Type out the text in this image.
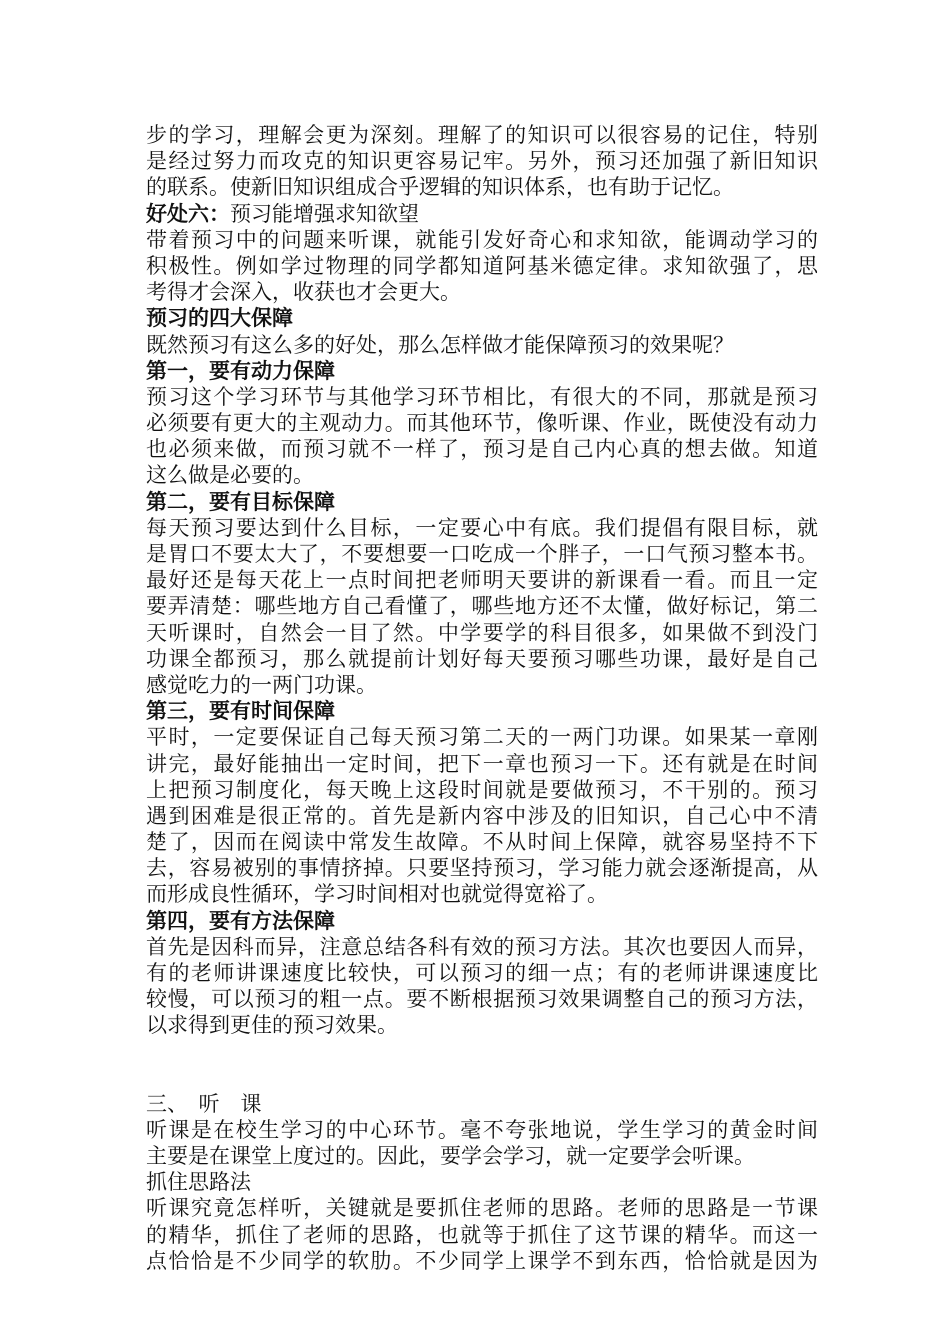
步的学习，理解会更为深刻。理解了的知识可以很容易的记住，特别
是经过努力而攻克的知识更容易记牢。另外，预习还加强了新旧知识
的联系。使新旧知识组成合乎逻辑的知识体系，也有助于记忆。
好处六：预习能增强求知欲望
带着预习中的问题来听课，就能引发好奇心和求知欲，能调动学习的
积极性。例如学过物理的同学都知道阿基米德定律。求知欲强了，思
考得才会深入，收获也才会更大。
预习的四大保障
既然预习有这么多的好处，那么怎样做才能保障预习的效果呢？
第一，要有动力保障
预习这个学习环节与其他学习环节相比，有很大的不同，那就是预习
必须要有更大的主观动力。而其他环节，像听课、作业，既使没有动力
也必须来做，而预习就不一样了，预习是自己内心真的想去做。知道
这么做是必要的。
第二，要有目标保障
每天预习要达到什么目标，一定要心中有底。我们提倡有限目标，就
是胃口不要太大了，不要想要一口吃成一个胖子，一口气预习整本书。
最好还是每天花上一点时间把老师明天要讲的新课看一看。而且一定
要弄清楚：哪些地方自己看懂了，哪些地方还不太懂，做好标记，第二
天听课时，自然会一目了然。中学要学的科目很多，如果做不到没门
功课全都预习，那么就提前计划好每天要预习哪些功课，最好是自己
感觉吃力的一两门功课。
第三，要有时间保障
平时，一定要保证自己每天预习第二天的一两门功课。如果某一章刚
讲完，最好能抽出一定时间，把下一章也预习一下。还有就是在时间
上把预习制度化，每天晚上这段时间就是要做预习，不干别的。预习
遇到困难是很正常的。首先是新内容中涉及的旧知识，自己心中不清
楚了，因而在阅读中常发生故障。不从时间上保障，就容易坚持不下
去，容易被别的事情挤掉。只要坚持预习，学习能力就会逐渐提高，从
而形成良性循环，学习时间相对也就觉得宽裕了。
第四，要有方法保障
首先是因科而异，注意总结各科有效的预习方法。其次也要因人而异，
有的老师讲课速度比较快，可以预习的细一点；有的老师讲课速度比
较慢，可以预习的粗一点。要不断根据预习效果调整自己的预习方法，
以求得到更佳的预习效果。
三、　听　课
听课是在校生学习的中心环节。毫不夸张地说，学生学习的黄金时间
主要是在课堂上度过的。因此，要学会学习，就一定要学会听课。
抓住思路法
听课究竟怎样听，关键就是要抓住老师的思路。老师的思路是一节课
的精华，抓住了老师的思路，也就等于抓住了这节课的精华。而这一
点恰恰是不少同学的软肋。不少同学上课学不到东西，恰恰就是因为
